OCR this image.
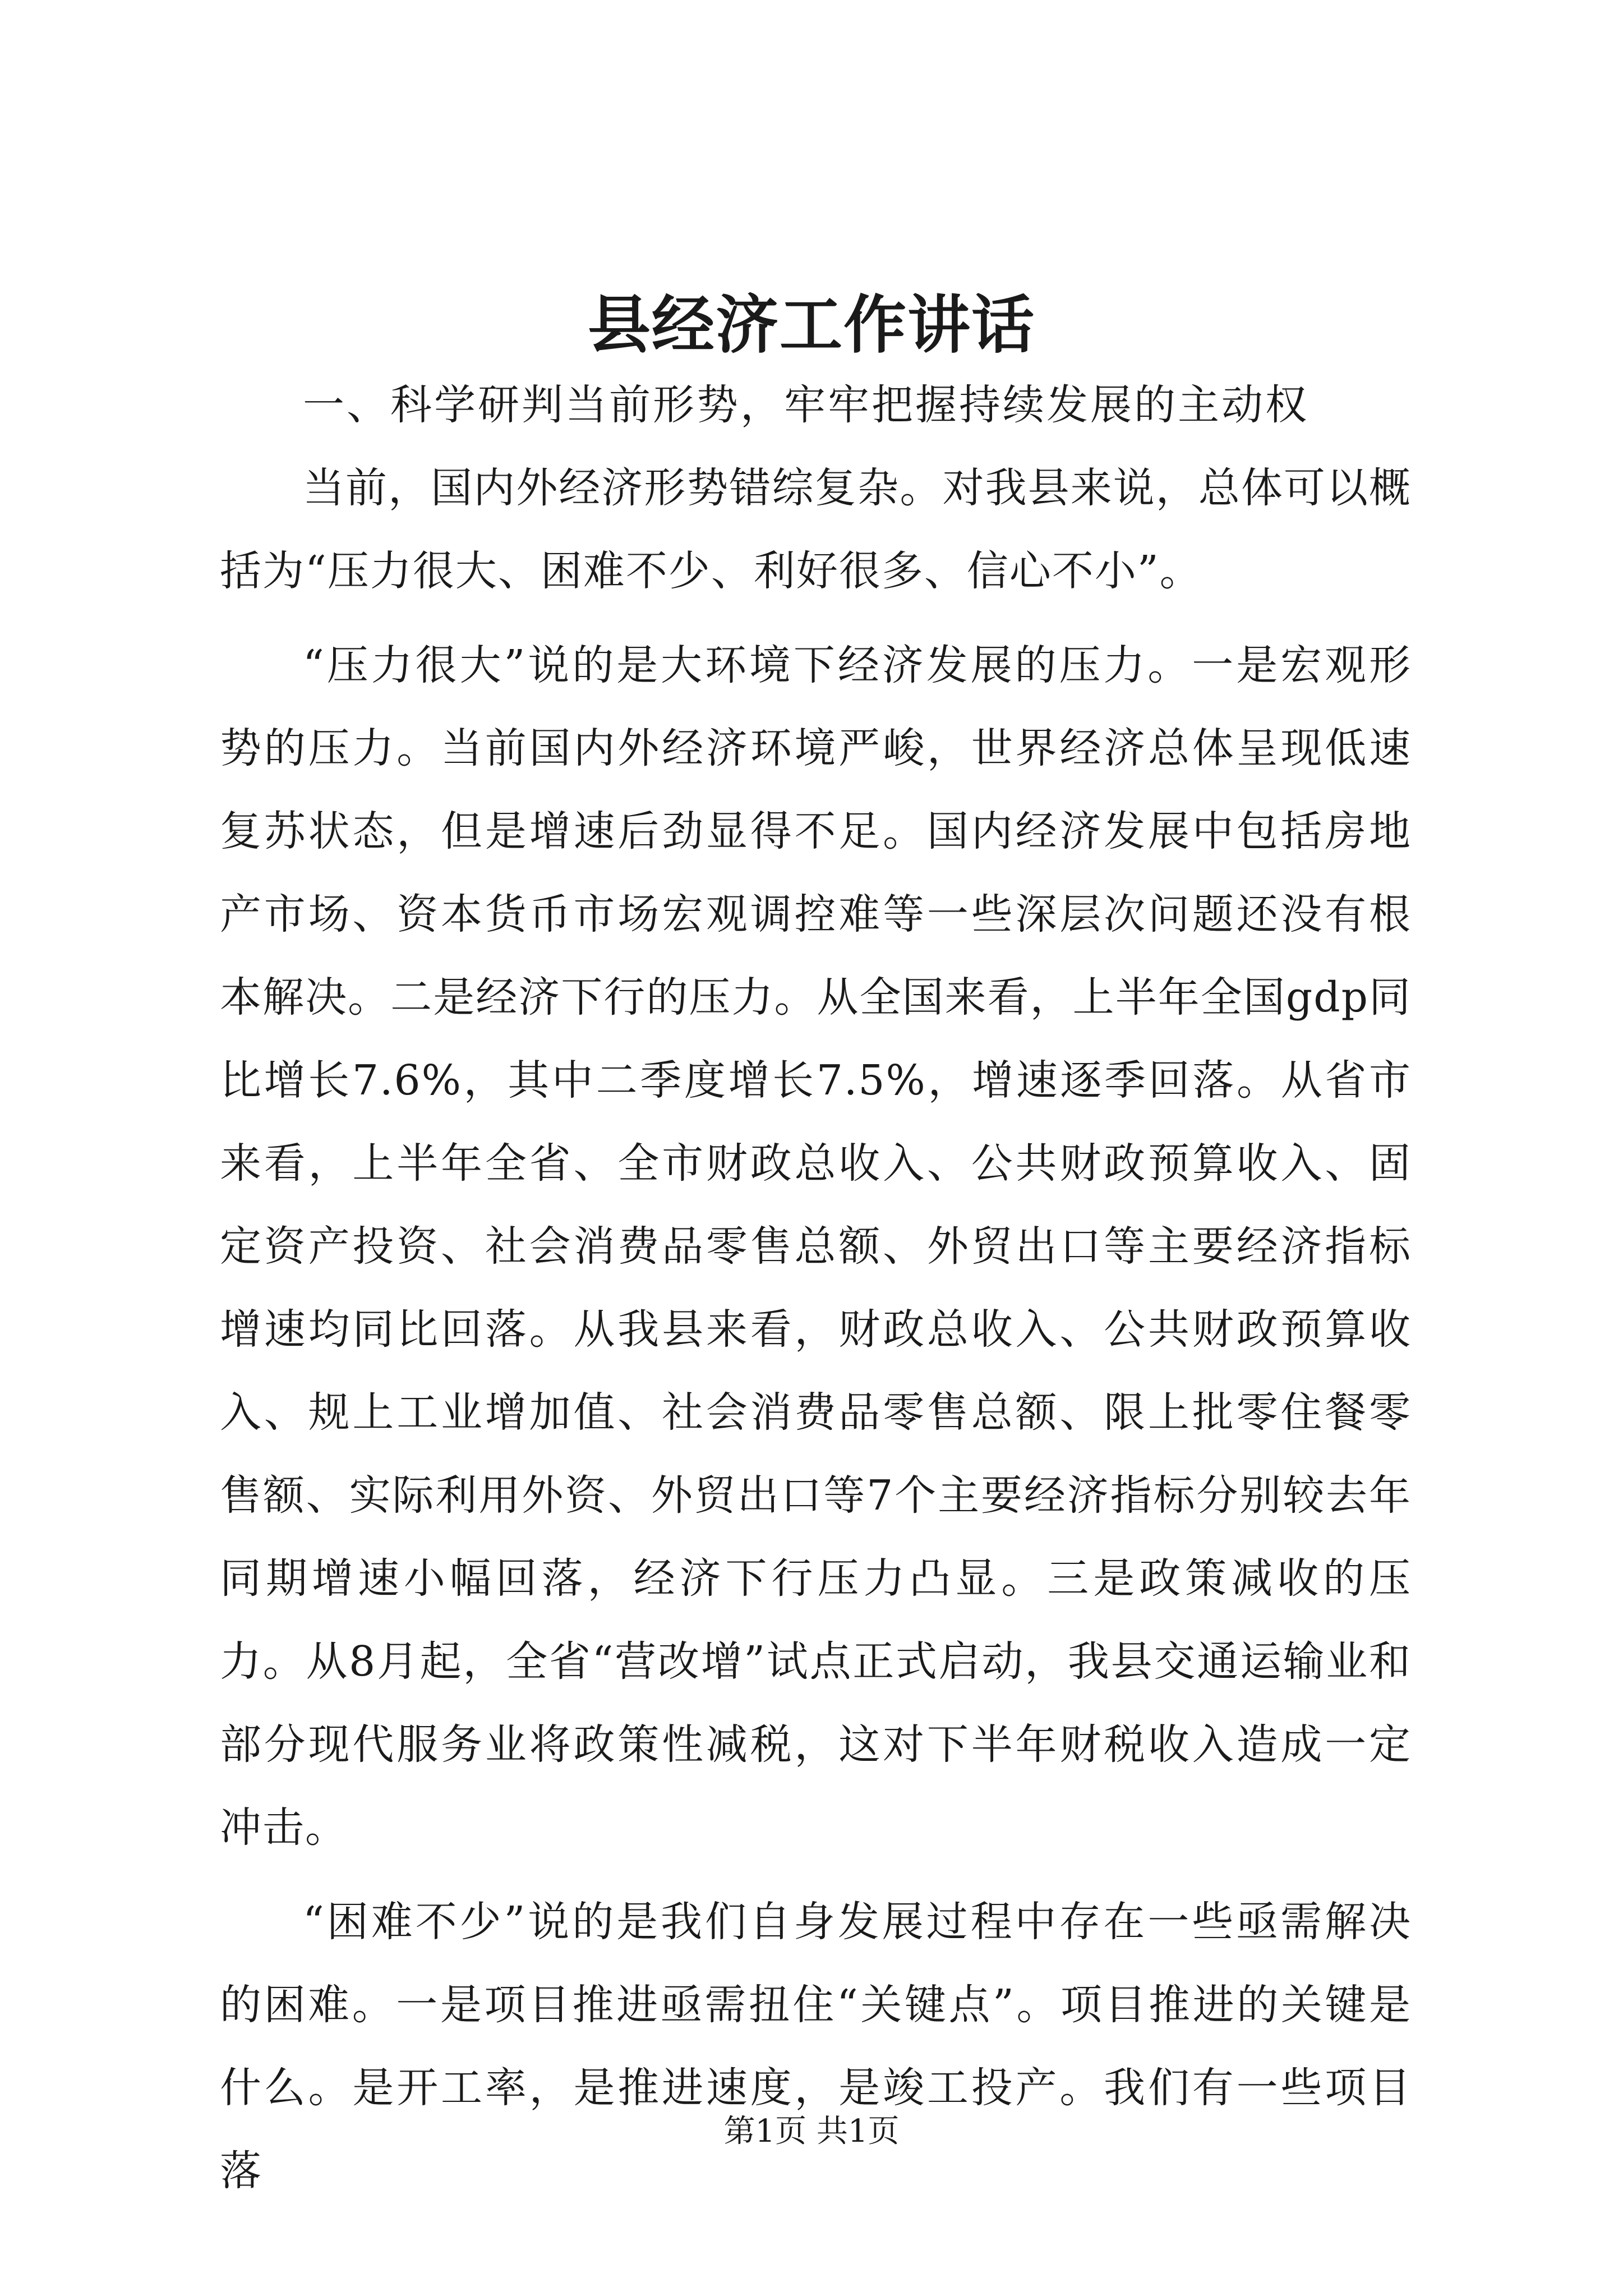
县经济工作讲话

一、科学研判当前形势，牢牢把握持续发展的主动权

当前，国内外经济形势错综复杂。对我县来说，总体可以概括为“压力很大、困难不少、利好很多、信心不小”。

“压力很大”说的是大环境下经济发展的压力。一是宏观形势的压力。当前国内外经济环境严峻，世界经济总体呈现低速复苏状态，但是增速后劲显得不足。国内经济发展中包括房地产市场、资本货币市场宏观调控难等一些深层次问题还没有根本解决。二是经济下行的压力。从全国来看，上半年全国gdp同比增长7.6%，其中二季度增长7.5%，增速逐季回落。从省市来看，上半年全省、全市财政总收入、公共财政预算收入、固定资产投资、社会消费品零售总额、外贸出口等主要经济指标增速均同比回落。从我县来看，财政总收入、公共财政预算收入、规上工业增加值、社会消费品零售总额、限上批零住餐零售额、实际利用外资、外贸出口等7个主要经济指标分别较去年同期增速小幅回落，经济下行压力凸显。三是政策减收的压力。从8月起，全省“营改增”试点正式启动，我县交通运输业和部分现代服务业将政策性减税，这对下半年财税收入造成一定冲击。

“困难不少”说的是我们自身发展过程中存在一些亟需解决的困难。一是项目推进亟需扭住“关键点”。项目推进的关键是什么。是开工率，是推进速度，是竣工投产。我们有一些项目落

第1页 共1页
